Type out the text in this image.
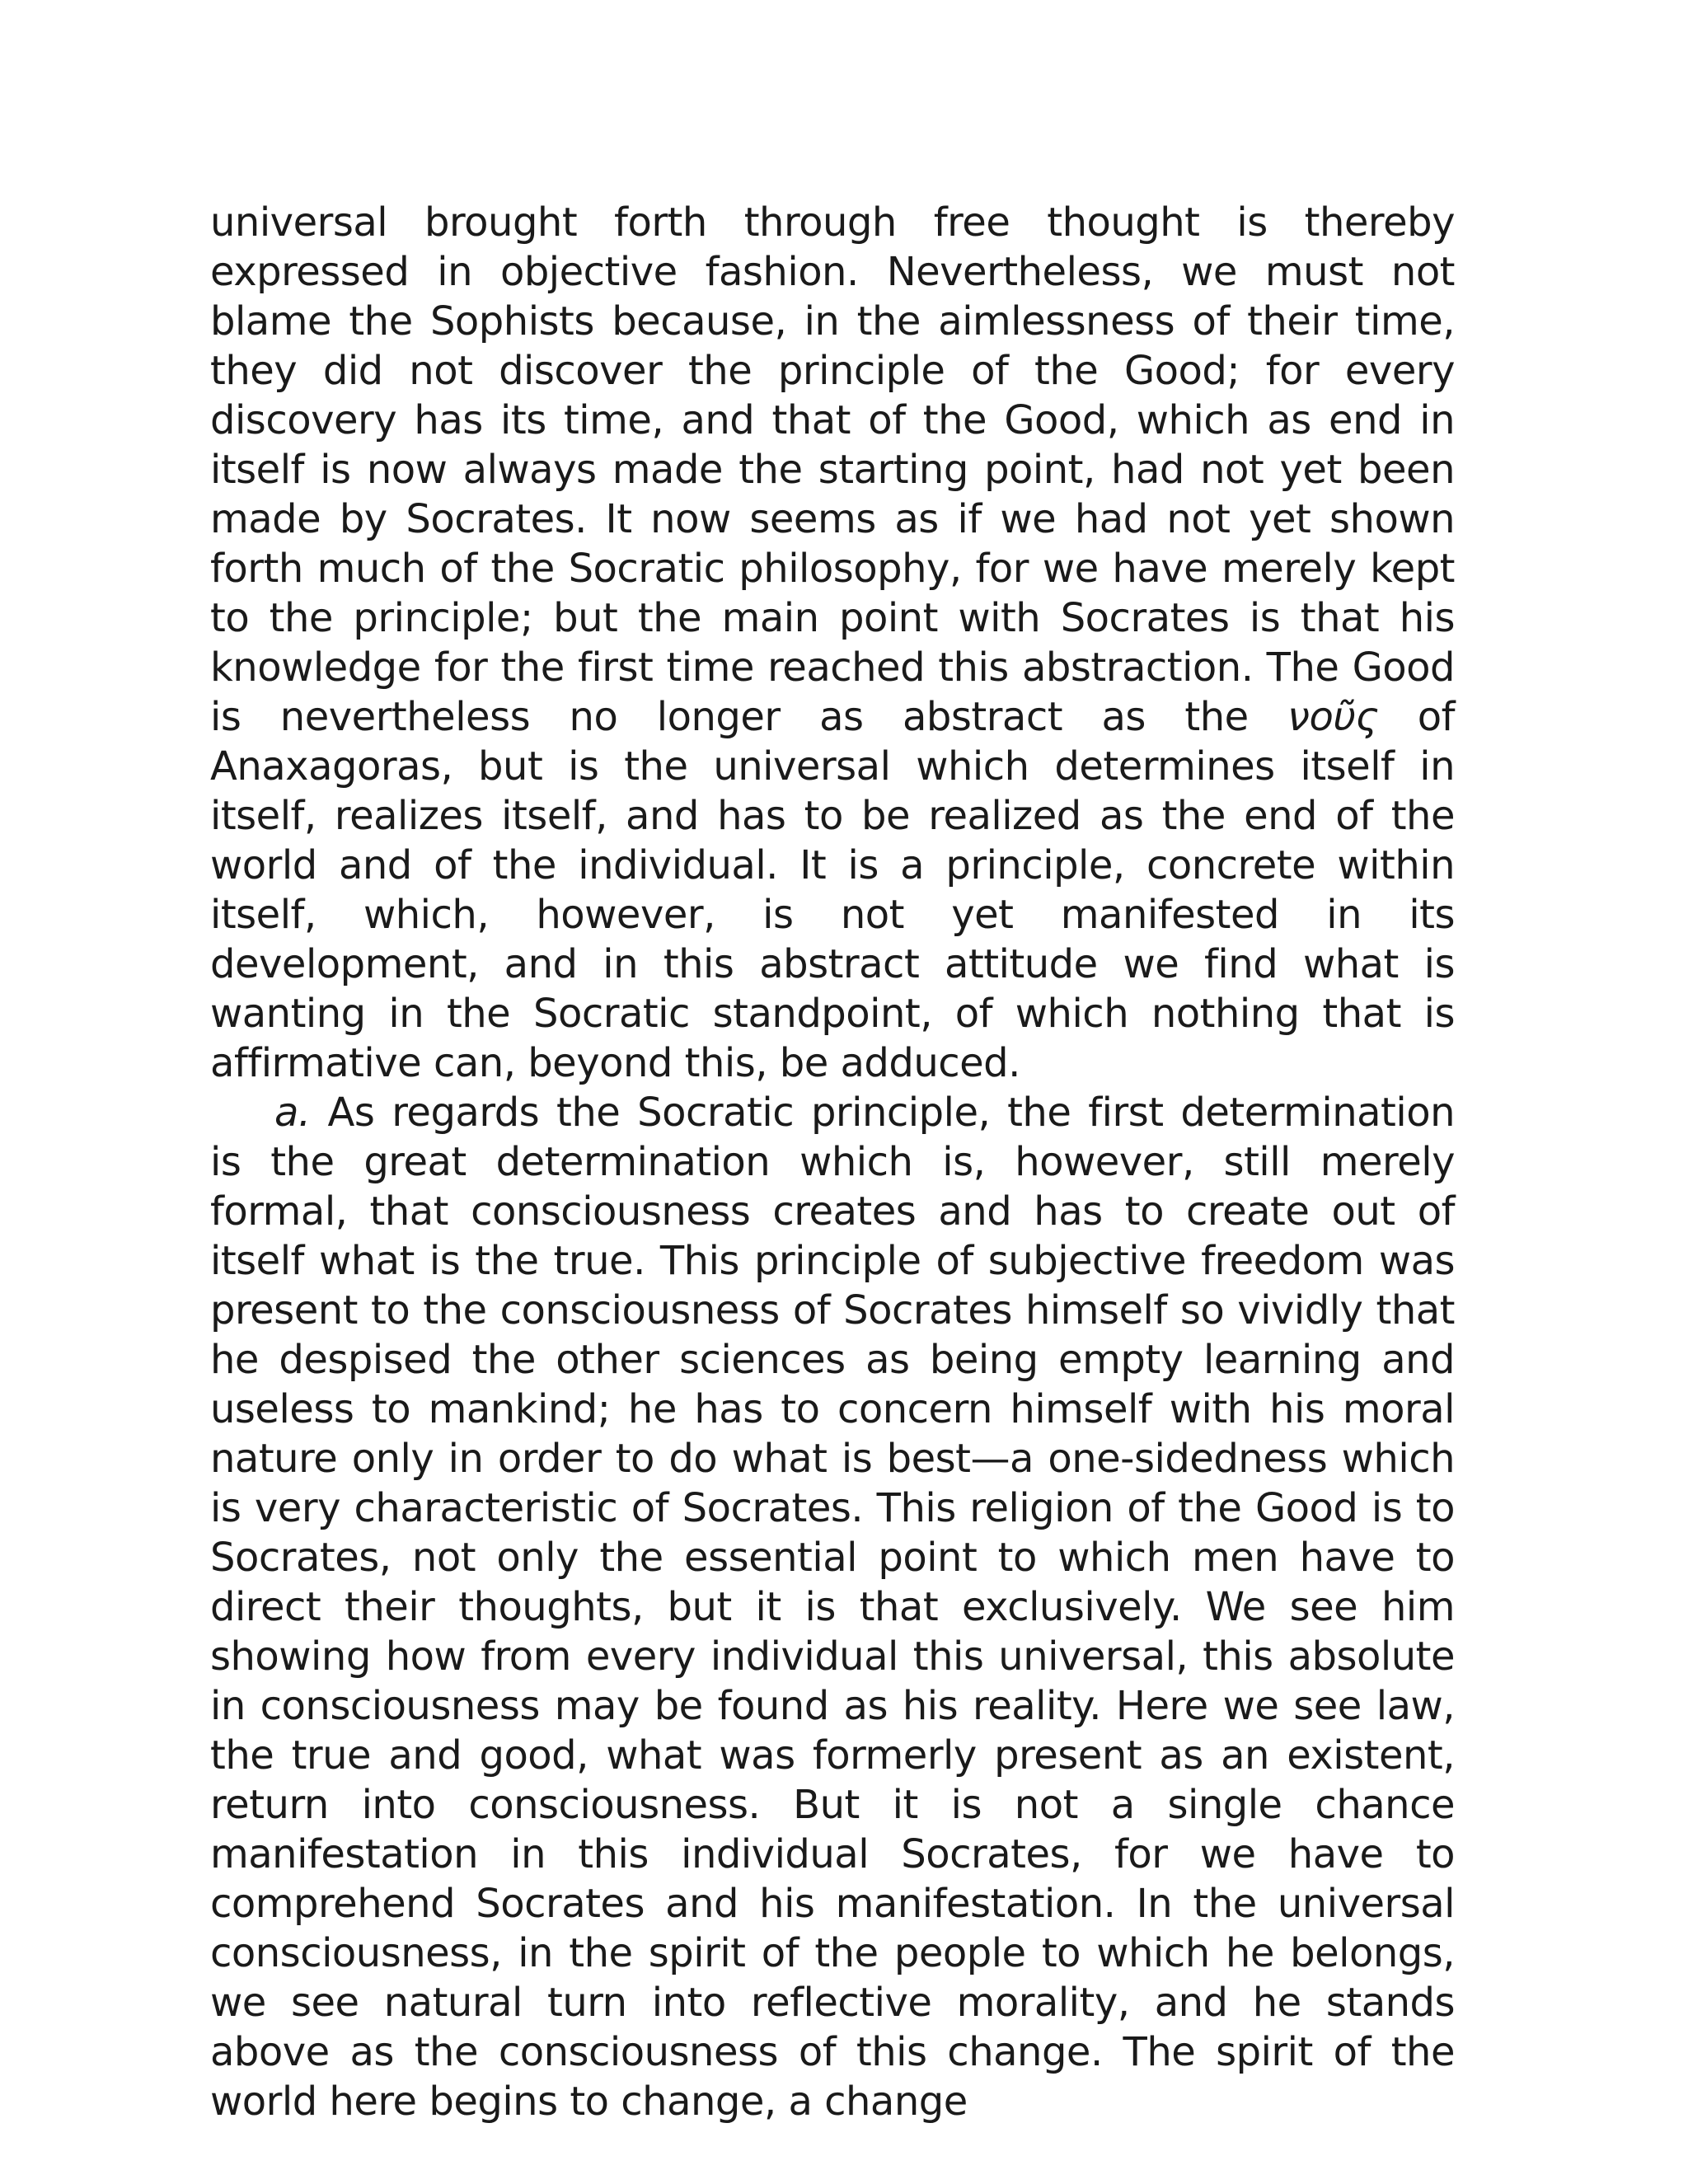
universal brought forth through free thought is thereby expressed in objective fashion. Nevertheless, we must not blame the Sophists because, in the aimlessness of their time, they did not discover the principle of the Good; for every discovery has its time, and that of the Good, which as end in itself is now always made the starting point, had not yet been made by Socrates. It now seems as if we had not yet shown forth much of the Socratic philosophy, for we have merely kept to the principle; but the main point with Socrates is that his knowledge for the first time reached this abstraction. The Good is nevertheless no longer as abstract as the νοῦς of Anaxagoras, but is the universal which determines itself in itself, realizes itself, and has to be realized as the end of the world and of the individual. It is a principle, concrete within itself, which, however, is not yet manifested in its development, and in this abstract attitude we find what is wanting in the Socratic standpoint, of which nothing that is affirmative can, beyond this, be adduced.

a. As regards the Socratic principle, the first determination is the great determination which is, however, still merely formal, that consciousness creates and has to create out of itself what is the true. This principle of subjective freedom was present to the consciousness of Socrates himself so vividly that he despised the other sciences as being empty learning and useless to mankind; he has to concern himself with his moral nature only in order to do what is best—a one-sidedness which is very characteristic of Socrates. This religion of the Good is to Socrates, not only the essential point to which men have to direct their thoughts, but it is that exclusively. We see him showing how from every individual this universal, this absolute in consciousness may be found as his reality. Here we see law, the true and good, what was formerly present as an existent, return into consciousness. But it is not a single chance manifestation in this individual Socrates, for we have to comprehend Socrates and his manifestation. In the universal consciousness, in the spirit of the people to which he belongs, we see natural turn into reflective morality, and he stands above as the consciousness of this change. The spirit of the world here begins to change, a change
